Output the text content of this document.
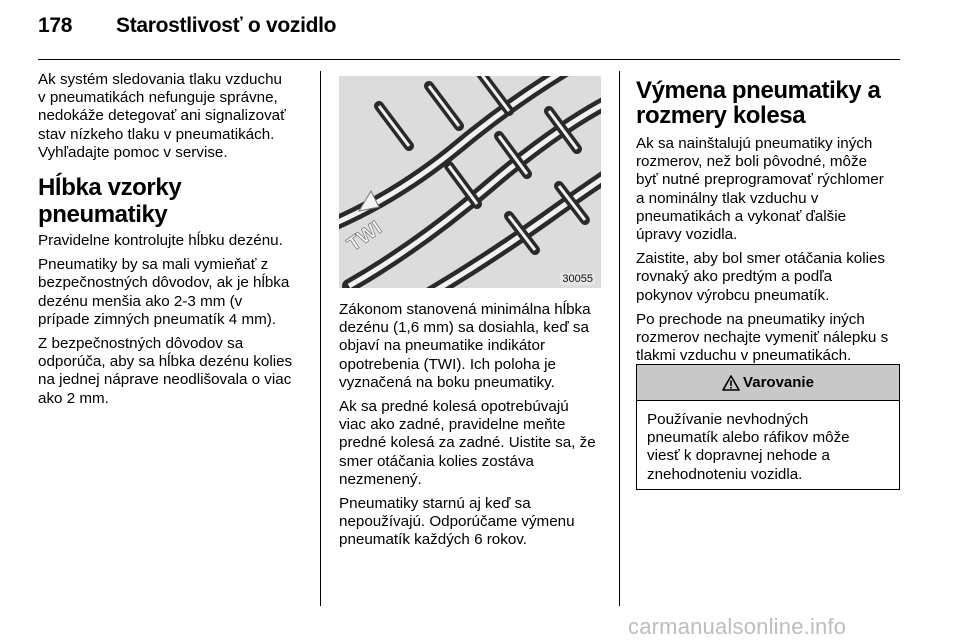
178 Starostlivosť o vozidlo

Ak systém sledovania tlaku vzduchu
v pneumatikách nefunguje správne,
nedokáže detegovať ani signalizovať
stav nízkeho tlaku v pneumatikách.
Vyhľadajte pomoc v servise.

Hĺbka vzorky pneumatiky

Pravidelne kontrolujte hĺbku dezénu.

Pneumatiky by sa mali vymieňať z
bezpečnostných dôvodov, ak je hĺbka
dezénu menšia ako 2-3 mm (v
prípade zimných pneumatík 4 mm).

Z bezpečnostných dôvodov sa
odporúča, aby sa hĺbka dezénu kolies
na jednej náprave neodlišovala o viac
ako 2 mm.

TWI
30055

Zákonom stanovená minimálna hĺbka
dezénu (1,6 mm) sa dosiahla, keď sa
objaví na pneumatike indikátor
opotrebenia (TWI). Ich poloha je
vyznačená na boku pneumatiky.

Ak sa predné kolesá opotrebúvajú
viac ako zadné, pravidelne meňte
predné kolesá za zadné. Uistite sa, že
smer otáčania kolies zostáva
nezmenený.

Pneumatiky starnú aj keď sa
nepoužívajú. Odporúčame výmenu
pneumatík každých 6 rokov.

Výmena pneumatiky a
rozmery kolesa

Ak sa nainštalujú pneumatiky iných
rozmerov, než boli pôvodné, môže
byť nutné preprogramovať rýchlomer
a nominálny tlak vzduchu v
pneumatikách a vykonať ďalšie
úpravy vozidla.

Zaistite, aby bol smer otáčania kolies
rovnaký ako predtým a podľa
pokynov výrobcu pneumatík.

Po prechode na pneumatiky iných
rozmerov nechajte vymeniť nálepku s
tlakmi vzduchu v pneumatikách.

Varovanie
Používanie nevhodných
pneumatík alebo ráfikov môže
viesť k dopravnej nehode a
znehodnoteniu vozidla.
carmanualsonline.info
